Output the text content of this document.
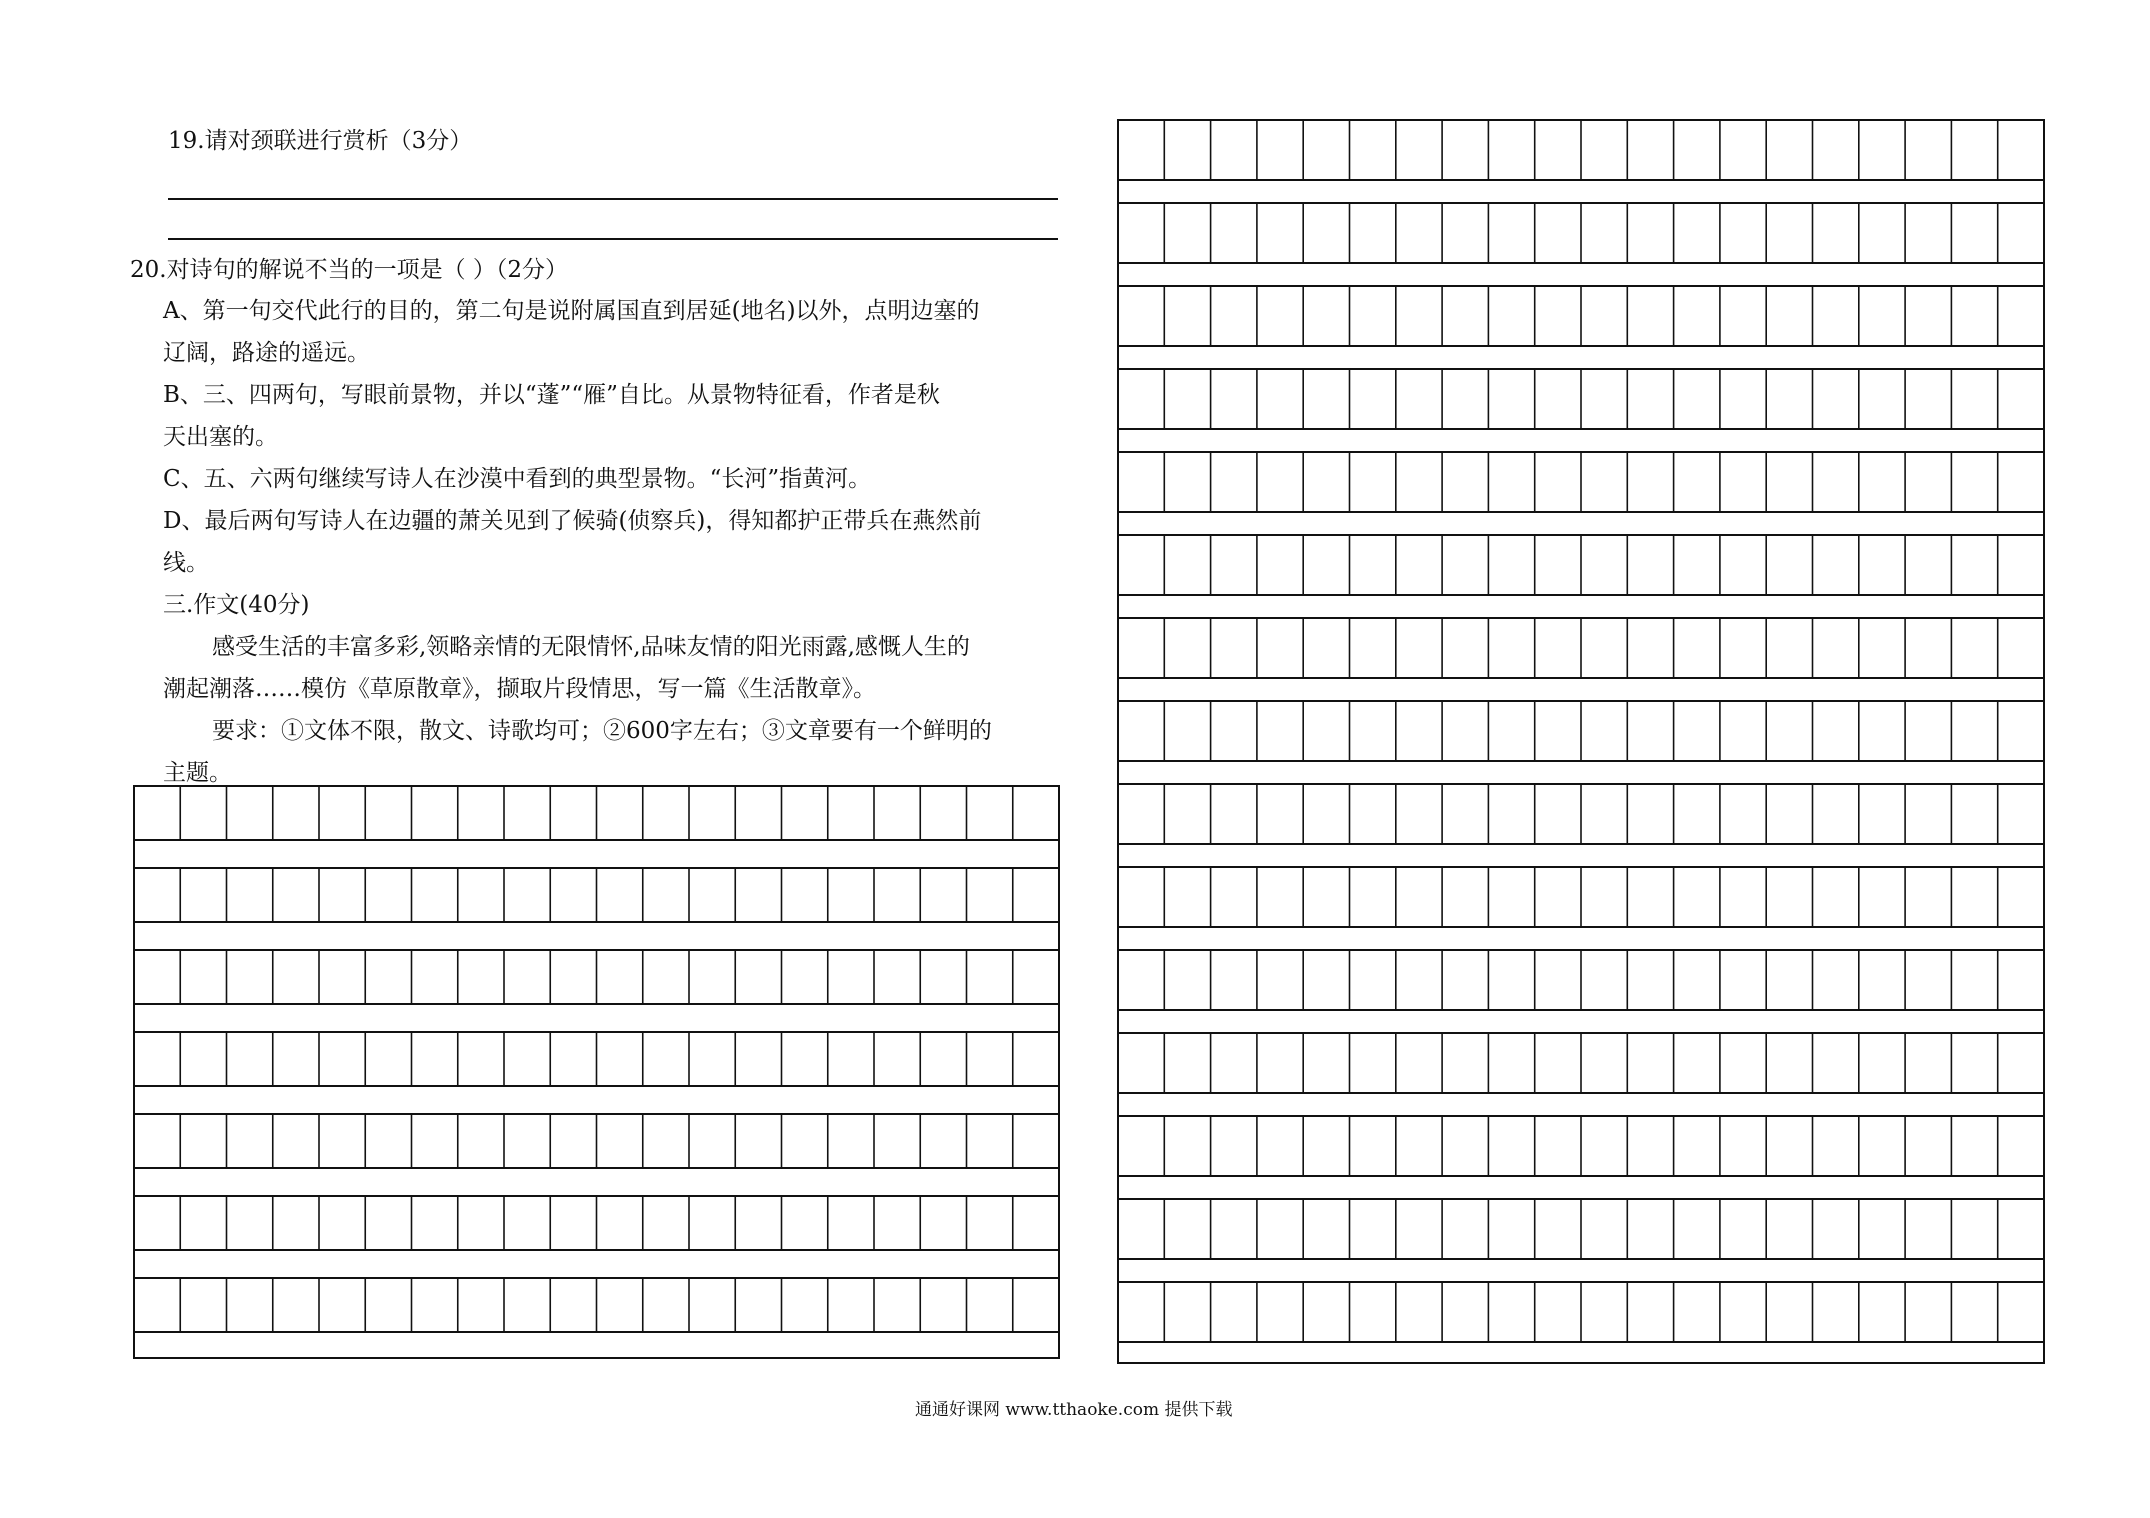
19.请对颈联进行赏析（3分）
20.对诗句的解说不当的一项是（ ）（2分）
A、第一句交代此行的目的，第二句是说附属国直到居延(地名)以外，点明边塞的
辽阔，路途的遥远。
B、三、四两句，写眼前景物，并以“蓬”“雁”自比。从景物特征看，作者是秋
天出塞的。
C、五、六两句继续写诗人在沙漠中看到的典型景物。“长河”指黄河。
D、最后两句写诗人在边疆的萧关见到了候骑(侦察兵)，得知都护正带兵在燕然前
线。
三.作文(40分)
感受生活的丰富多彩,领略亲情的无限情怀,品味友情的阳光雨露,感慨人生的
潮起潮落……模仿《草原散章》，撷取片段情思，写一篇《生活散章》。
要求：①文体不限，散文、诗歌均可；②600字左右；③文章要有一个鲜明的
主题。
通通好课网 www.tthaoke.com 提供下载
